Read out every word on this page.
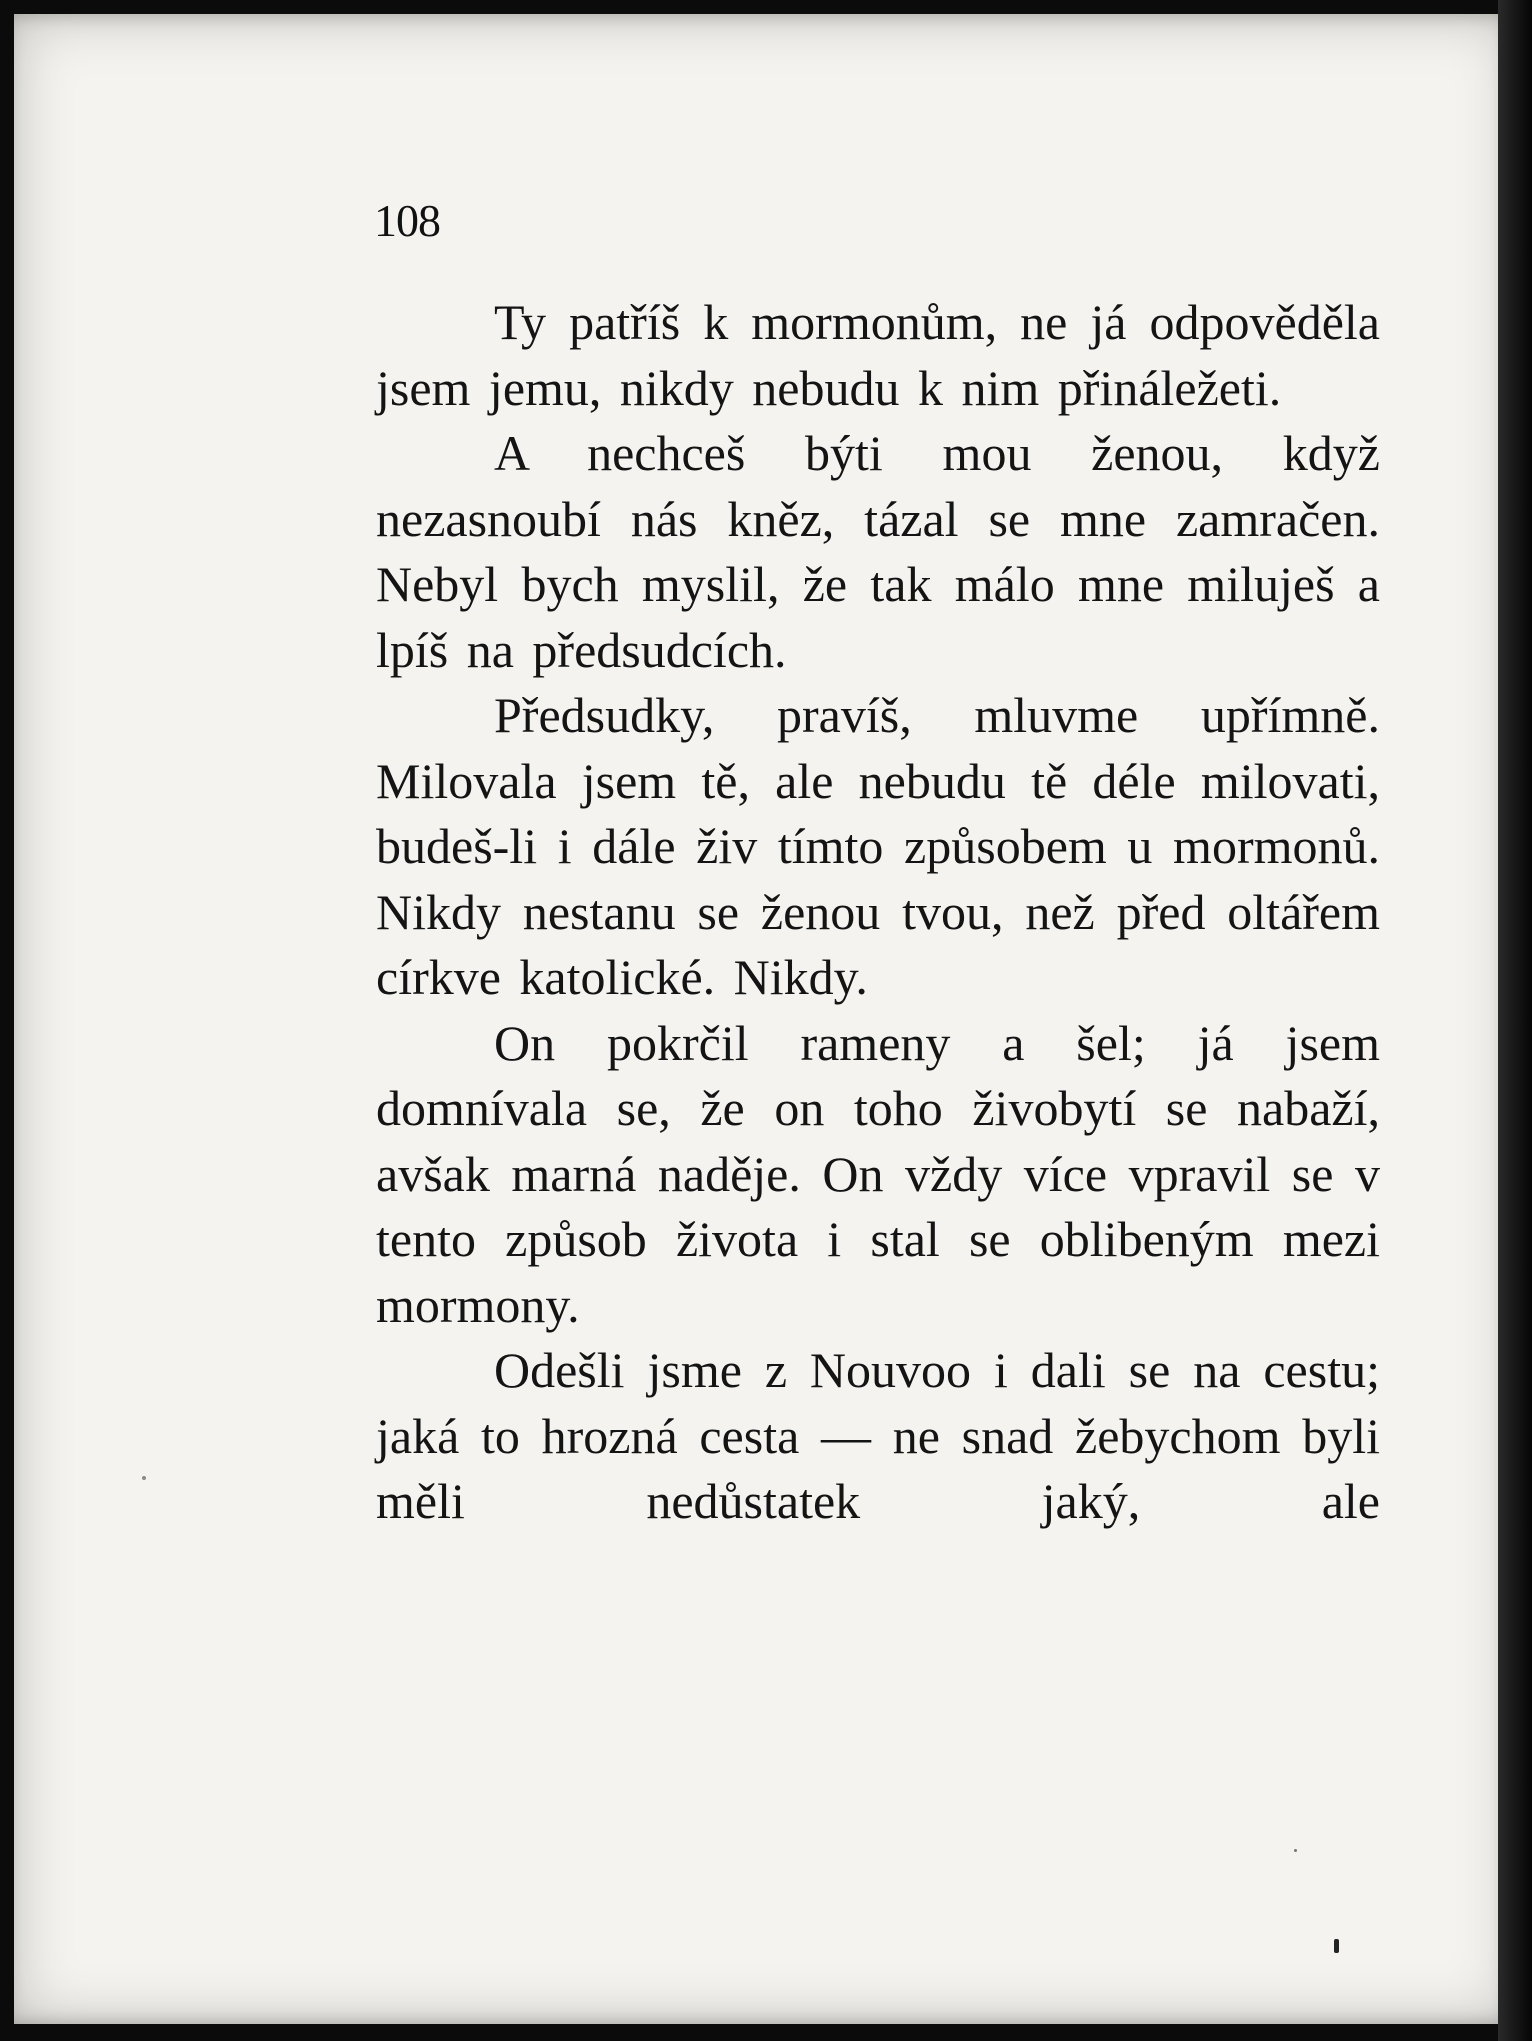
108

Ty patříš k mormonům, ne já odpověděla jsem jemu, nikdy nebudu k nim přináležeti.

A nechceš býti mou ženou, když nezasnoubí nás kněz, tázal se mne zamračen. Nebyl bych myslil, že tak málo mne miluješ a lpíš na předsudcích.

Předsudky, pravíš, mluvme upřímně. Milovala jsem tě, ale nebudu tě déle milovati, budeš-li i dále živ tímto způsobem u mormonů. Nikdy nestanu se ženou tvou, než před oltářem církve katolické. Nikdy.

On pokrčil rameny a šel; já jsem domnívala se, že on toho živobytí se nabaží, avšak marná naděje. On vždy více vpravil se v tento způsob života i stal se oblibeným mezi mormony.

Odešli jsme z Nouvoo i dali se na cestu; jaká to hrozná cesta — ne snad žebychom byli měli nedůstatek jaký, ale
